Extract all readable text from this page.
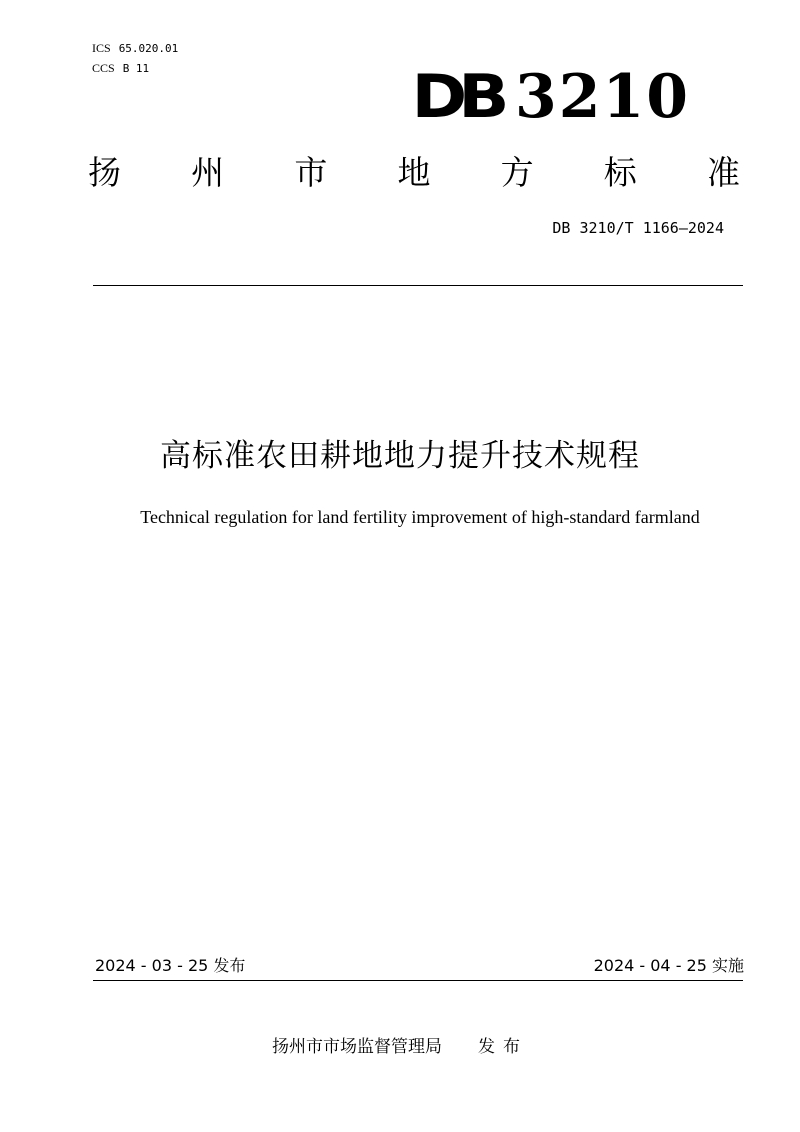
ICS 65.020.01
CCS B 11	DB 3210
扬 州 市 地 方 标 准
DB 3210/T 1166—2024
高标准农田耕地地力提升技术规程
Technical regulation for land fertility improvement of high-standard farmland
2024 - 03 - 25 发布	2024 - 04 - 25 实施
扬州市市场监督管理局 发布
